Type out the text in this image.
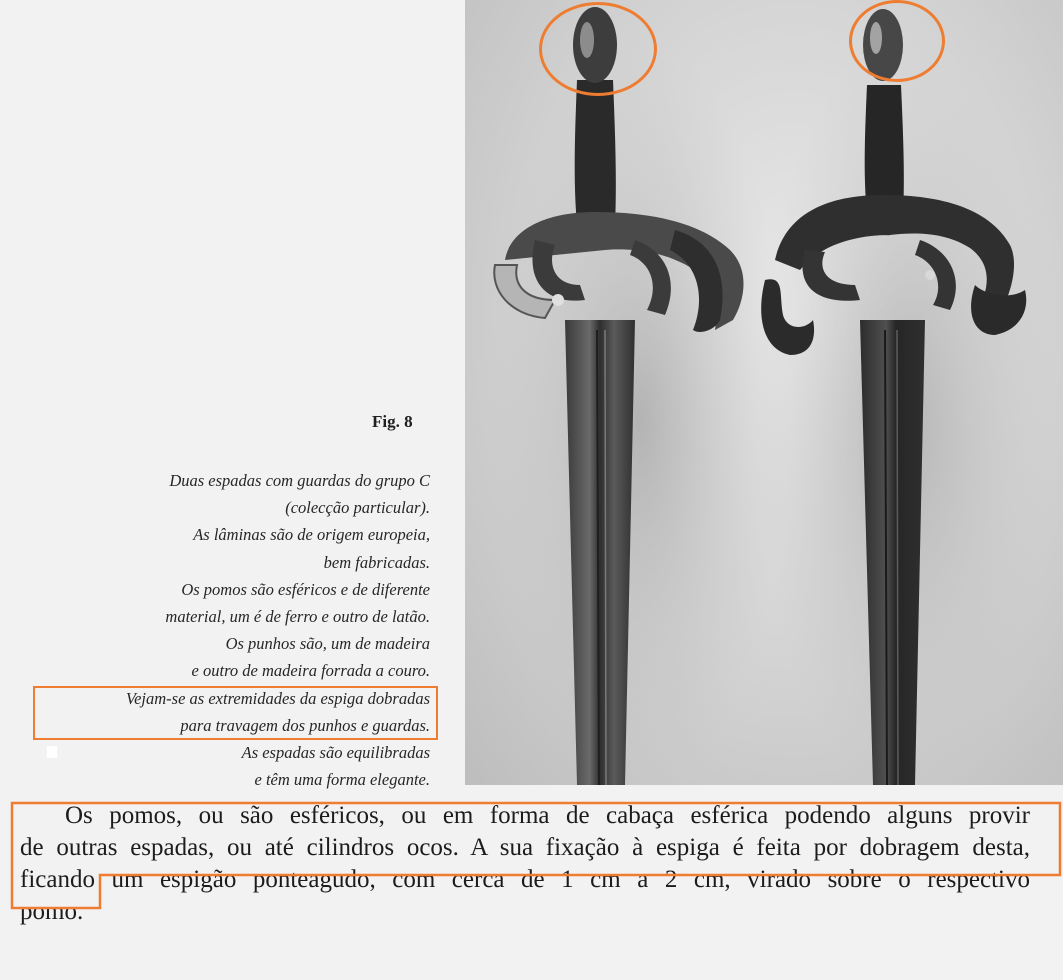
Fig. 8
Duas espadas com guardas do grupo C
(colecção particular).
As lâminas são de origem europeia,
bem fabricadas.
Os pomos são esféricos e de diferente
material, um é de ferro e outro de latão.
Os punhos são, um de madeira
e outro de madeira forrada a couro.
Vejam-se as extremidades da espiga dobradas
para travagem dos punhos e guardas.
As espadas são equilibradas
e têm uma forma elegante.
Os pomos, ou são esféricos, ou em forma de cabaça esférica podendo alguns provir
de outras espadas, ou até cilindros ocos. A sua fixação à espiga é feita por dobragem desta,
ficando um espigão ponteagudo, com cerca de 1 cm a 2 cm, virado sobre o respectivo
pomo.
